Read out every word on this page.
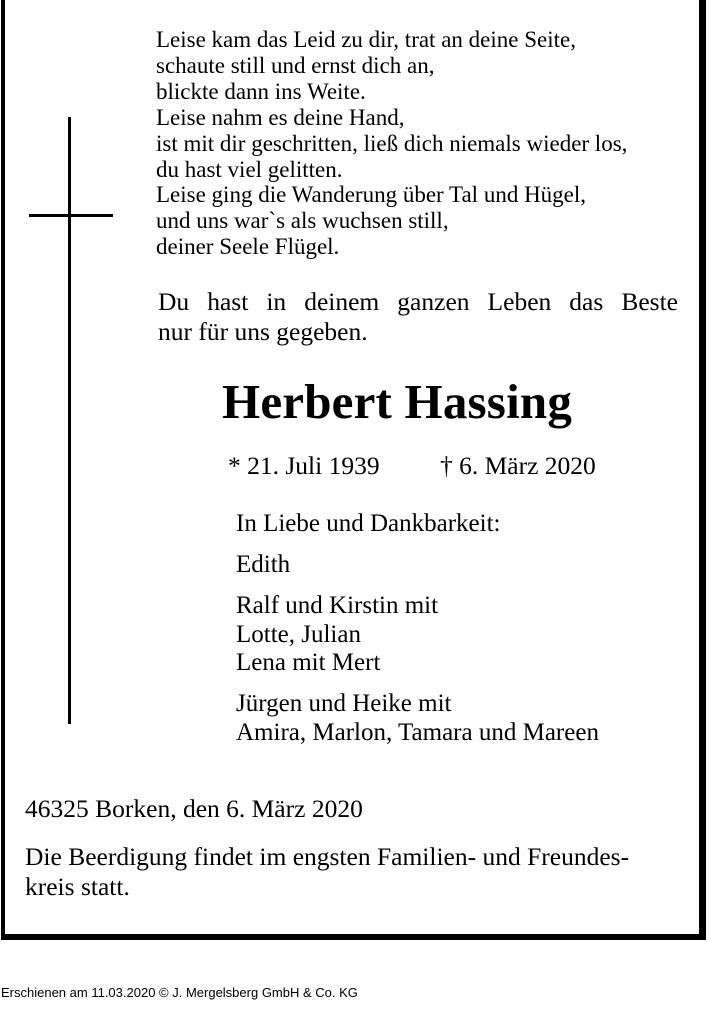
Leise kam das Leid zu dir, trat an deine Seite,
schaute still und ernst dich an,
blickte dann ins Weite.
Leise nahm es deine Hand,
ist mit dir geschritten, ließ dich niemals wieder los,
du hast viel gelitten.
Leise ging die Wanderung über Tal und Hügel,
und uns war`s als wuchsen still,
deiner Seele Flügel.
Du hast in deinem ganzen Leben das Beste
nur für uns gegeben.
Herbert Hassing
* 21. Juli 1939 † 6. März 2020
In Liebe und Dankbarkeit:
Edith
Ralf und Kirstin mit
Lotte, Julian
Lena mit Mert
Jürgen und Heike mit
Amira, Marlon, Tamara und Mareen
46325 Borken, den 6. März 2020
Die Beerdigung findet im engsten Familien- und Freundes-
kreis statt.
Erschienen am 11.03.2020 © J. Mergelsberg GmbH & Co. KG
